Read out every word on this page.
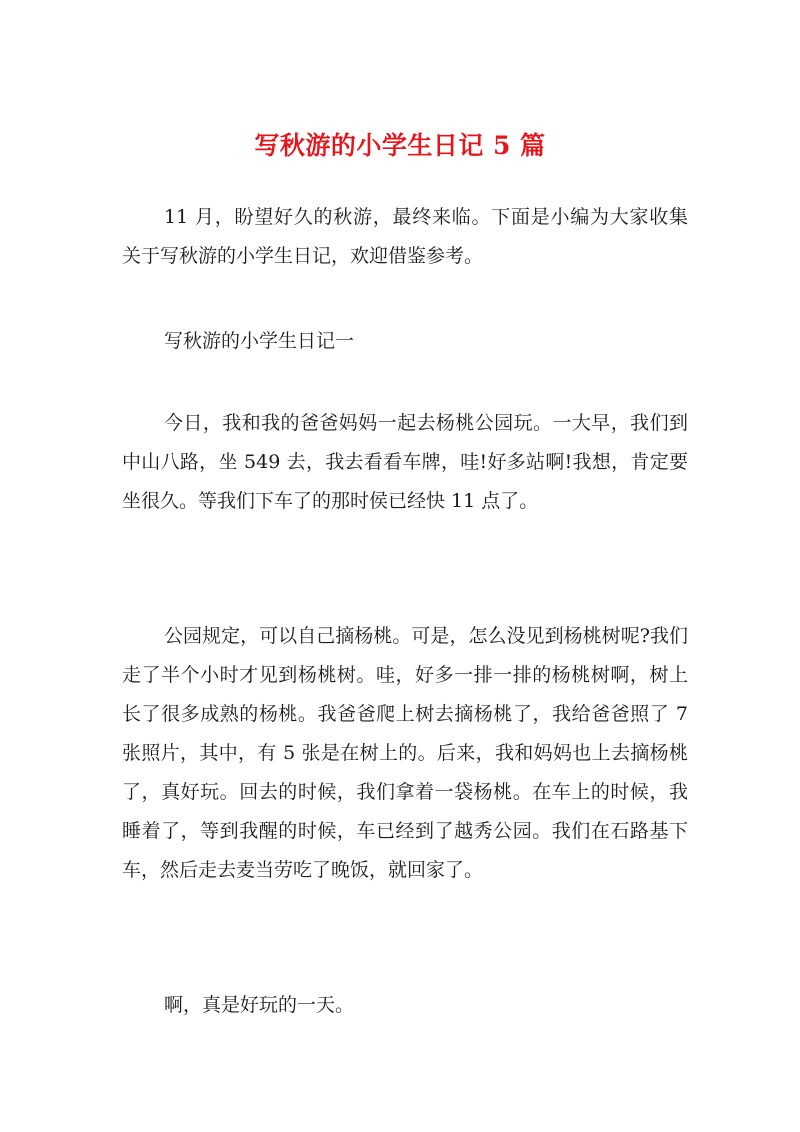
写秋游的小学生日记 5 篇

11 月，盼望好久的秋游，最终来临。下面是小编为大家收集关于写秋游的小学生日记，欢迎借鉴参考。

写秋游的小学生日记一

今日，我和我的爸爸妈妈一起去杨桃公园玩。一大早，我们到中山八路，坐 549 去，我去看看车牌，哇!好多站啊!我想，肯定要坐很久。等我们下车了的那时侯已经快 11 点了。

公园规定，可以自己摘杨桃。可是，怎么没见到杨桃树呢?我们走了半个小时才见到杨桃树。哇，好多一排一排的杨桃树啊，树上长了很多成熟的杨桃。我爸爸爬上树去摘杨桃了，我给爸爸照了 7 张照片，其中，有 5 张是在树上的。后来，我和妈妈也上去摘杨桃了，真好玩。回去的时候，我们拿着一袋杨桃。在车上的时候，我睡着了，等到我醒的时候，车已经到了越秀公园。我们在石路基下车，然后走去麦当劳吃了晚饭，就回家了。

啊，真是好玩的一天。
